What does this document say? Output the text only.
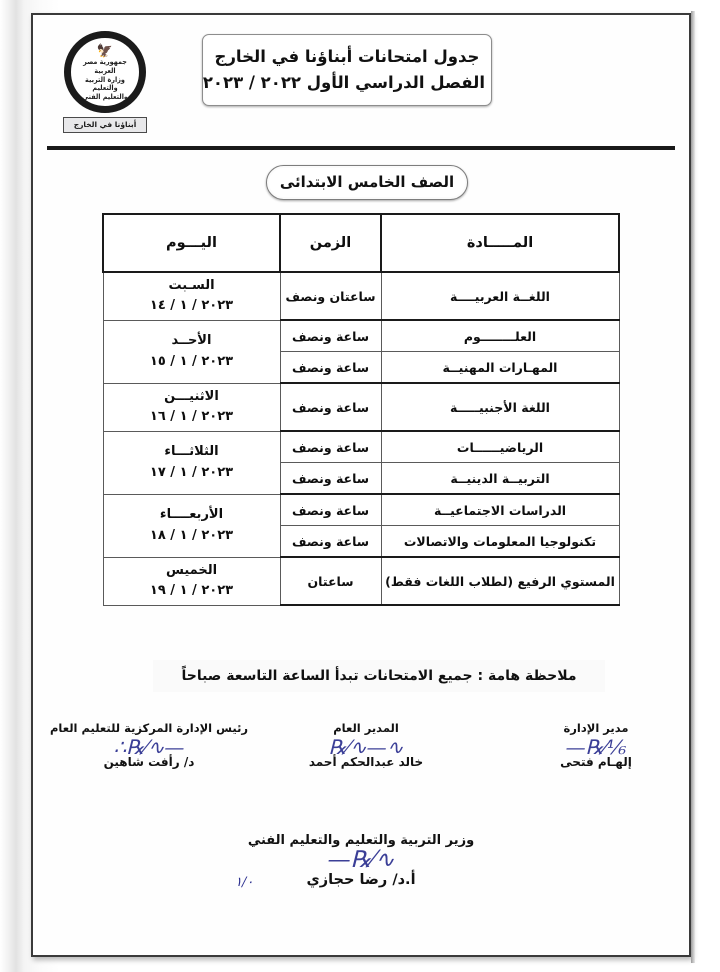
🦅
جمهورية مصر العربية
وزارة التربية والتعليم
والتعليم الفني
أبناؤنا في الخارج
جدول امتحانات أبناؤنا في الخارج
الفصل الدراسي الأول ٢٠٢٢ / ٢٠٢٣
الصف الخامس الابتدائى
المـــــادة	الزمن	اليـــوم
اللغــة العربيــــة	ساعتان ونصف	السـبت
٢٠٢٣ / ١ / ١٤

العلــــــــوم	ساعة ونصف	الأحــد
٢٠٢٣ / ١ / ١٥

المهـارات المهنيــة	ساعة ونصف	
اللغة الأجنبيـــــة	ساعة ونصف	الاثنيـــن
٢٠٢٣ / ١ / ١٦

الرياضيــــــات	ساعة ونصف	الثلاثـــاء
٢٠٢٣ / ١ / ١٧

التربيــة الدينيــة	ساعة ونصف	
الدراسات الاجتماعيــة	ساعة ونصف	الأربعــــاء
٢٠٢٣ / ١ / ١٨

تكنولوجيا المعلومات والاتصالات	ساعة ونصف	
المستوي الرفيع (لطلاب اللغات فقط)	ساعتان	الخميس
٢٠٢٣ / ١ / ١٩
ملاحظة هامة : جميع الامتحانات تبدأ الساعة التاسعة صباحاً
مدير الإدارة
⅙⁄℞—
إلهـام فتحى
المدير العام
∿—∿⁄℞
خالد عبدالحكم أحمد
رئيس الإدارة المركزية للتعليم العام
—∿⁄℞∴
د/ رأفت شاهين
وزير التربية والتعليم والتعليم الفني
∿⁄℞—
١/٠	أ.د/ رضا حجازي
